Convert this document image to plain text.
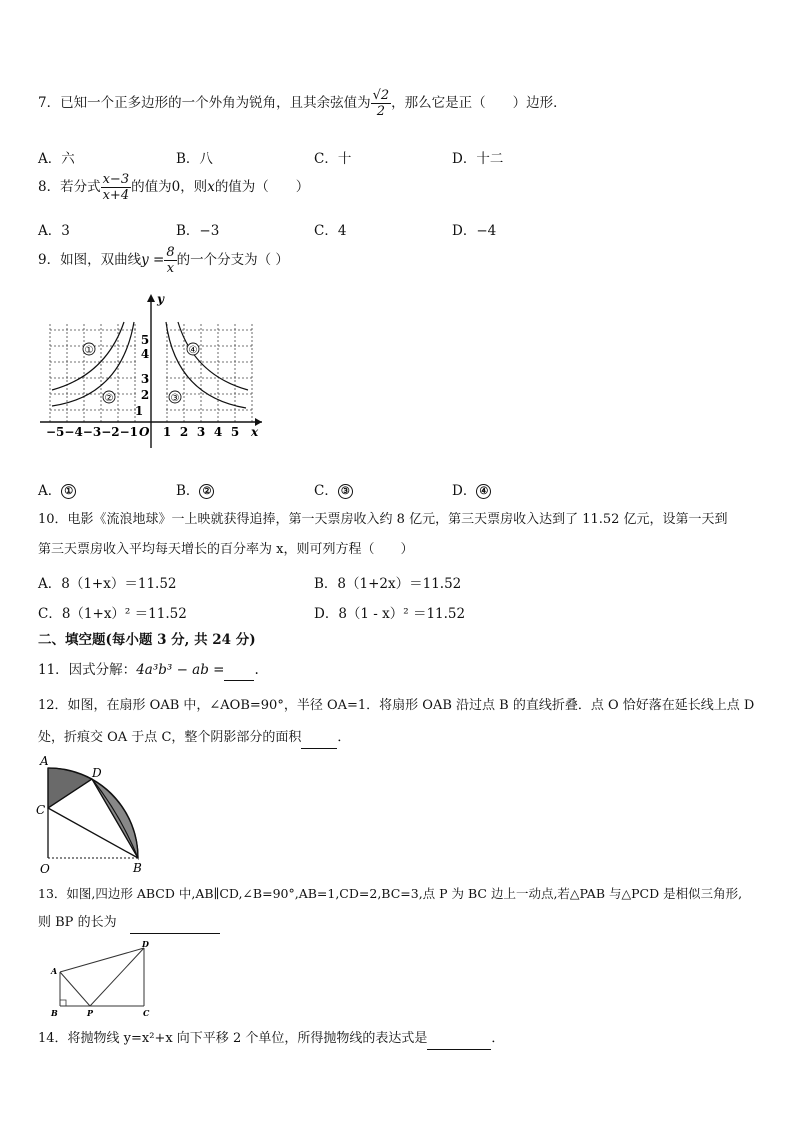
7．已知一个正多边形的一个外角为锐角，且其余弦值为 $\frac{√2}{2}$ ，那么它是正（　　）边形．
A．六	B．八	C．十	D．十二
8．若分式 $\frac{x-3}{x+4}$ 的值为0，则x的值为（　　）
A．3	B．−3	C．4	D．−4
9．如图，双曲线$y = \frac{8}{x}$ 的一个分支为（ ）
①
②	③
④
y
x
O
1
2
3
4
5
1 2 3 4 5
−5−4−3−2−1
A． ①	B． ②	C． ③	D． ④
10．电影《流浪地球》一上映就获得追捧，第一天票房收入约 8 亿元，第三天票房收入达到了 11.52 亿元，设第一天到
第三天票房收入平均每天增长的百分率为 x，则可列方程（　　）
A．8（1+x）＝11.52	B．8（1+2x）＝11.52
C．8（1+x）² ＝11.52	D．8（1 - x）² ＝11.52
二、填空题(每小题 3 分, 共 24 分)
11．因式分解：4a³b³ − ab = .
12．如图，在扇形 OAB 中，∠AOB=90°，半径 OA=1．将扇形 OAB 沿过点 B 的直线折叠．点 O 恰好落在延长线上点 D
处，折痕交 OA 于点 C，整个阴影部分的面积	．
A
D
C
O	B
13．如图,四边形 ABCD 中,AB∥CD,∠B=90°,AB=1,CD=2,BC=3,点 P 为 BC 边上一动点,若△PAB 与△PCD 是相似三角形,
则 BP 的长为　
A
B	P	C
D
14．将抛物线 y=x²+x 向下平移 2 个单位，所得抛物线的表达式是	．
